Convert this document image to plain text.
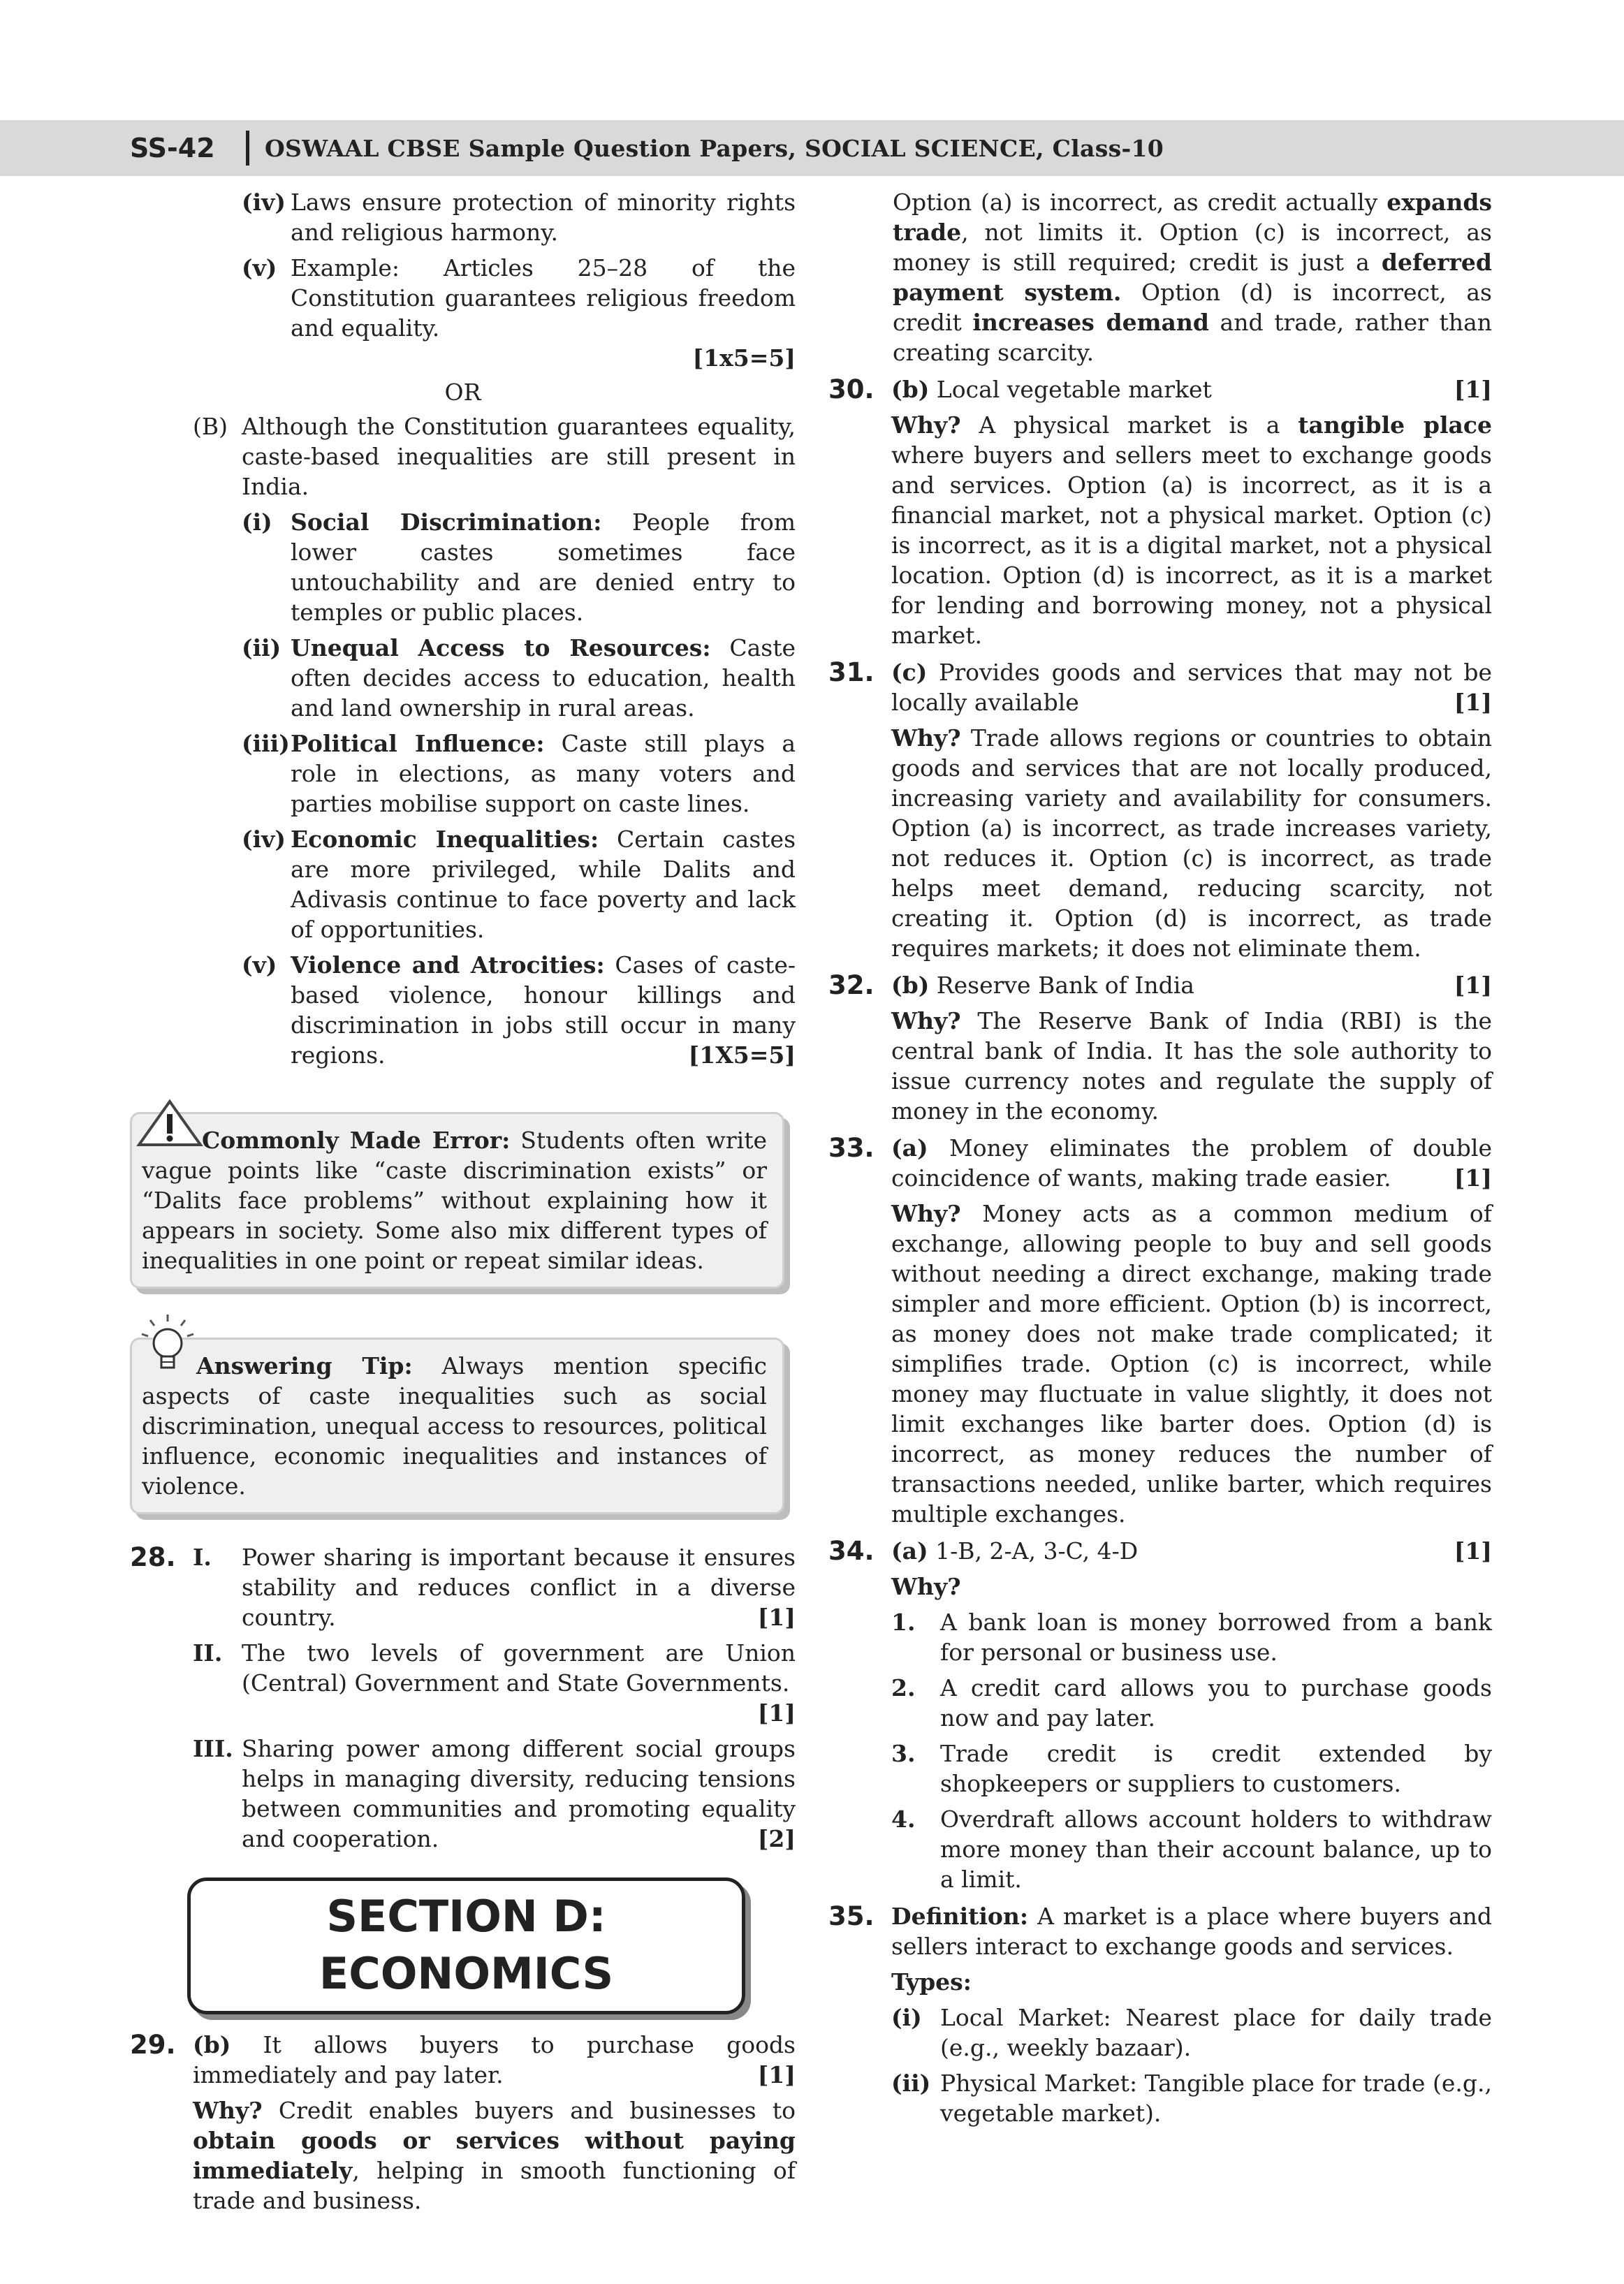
SS-42	OSWAAL CBSE Sample Question Papers, SOCIAL SCIENCE, Class-10
(iv) Laws ensure protection of minority rights and religious harmony.
(v) Example: Articles 25–28 of the Constitution guarantees religious freedom and equality.
[1x5=5]
OR
(B) Although the Constitution guarantees equality, caste-based inequalities are still present in India.
(i) Social Discrimination: People from lower castes sometimes face untouchability and are denied entry to temples or public places.
(ii) Unequal Access to Resources: Caste often decides access to education, health and land ownership in rural areas.
(iii) Political Influence: Caste still plays a role in elections, as many voters and parties mobilise support on caste lines.
(iv) Economic Inequalities: Certain castes are more privileged, while Dalits and Adivasis continue to face poverty and lack of opportunities.
(v) Violence and Atrocities: Cases of caste-based violence, honour killings and discrimination in jobs still occur in many regions.	[1X5=5]
Commonly Made Error: Students often write vague points like “caste discrimination exists” or “Dalits face problems” without explaining how it appears in society. Some also mix different types of inequalities in one point or repeat similar ideas.
Answering Tip: Always mention specific aspects of caste inequalities such as social discrimination, unequal access to resources, political influence, economic inequalities and instances of violence.
28. I.	Power sharing is important because it ensures stability and reduces conflict in a diverse country.	[1]
II. The two levels of government are Union (Central) Government and State Governments.
[1]
III. Sharing power among different social groups helps in managing diversity, reducing tensions between communities and promoting equality and cooperation.	[2]
SECTION D:
ECONOMICS
29. (b) It allows buyers to purchase goods immediately and pay later.	[1]
Why? Credit enables buyers and businesses to obtain goods or services without paying immediately, helping in smooth functioning of trade and business.
Option (a) is incorrect, as credit actually expands trade, not limits it. Option (c) is incorrect, as money is still required; credit is just a deferred payment system. Option (d) is incorrect, as credit increases demand and trade, rather than creating scarcity.
30. (b) Local vegetable market	[1]
Why? A physical market is a tangible place where buyers and sellers meet to exchange goods and services. Option (a) is incorrect, as it is a financial market, not a physical market. Option (c) is incorrect, as it is a digital market, not a physical location. Option (d) is incorrect, as it is a market for lending and borrowing money, not a physical market.
31. (c) Provides goods and services that may not be locally available	[1]
Why? Trade allows regions or countries to obtain goods and services that are not locally produced, increasing variety and availability for consumers. Option (a) is incorrect, as trade increases variety, not reduces it. Option (c) is incorrect, as trade helps meet demand, reducing scarcity, not creating it. Option (d) is incorrect, as trade requires markets; it does not eliminate them.
32. (b) Reserve Bank of India	[1]
Why? The Reserve Bank of India (RBI) is the central bank of India. It has the sole authority to issue currency notes and regulate the supply of money in the economy.
33. (a) Money eliminates the problem of double coincidence of wants, making trade easier.	[1]
Why? Money acts as a common medium of exchange, allowing people to buy and sell goods without needing a direct exchange, making trade simpler and more efficient. Option (b) is incorrect, as money does not make trade complicated; it simplifies trade. Option (c) is incorrect, while money may fluctuate in value slightly, it does not limit exchanges like barter does. Option (d) is incorrect, as money reduces the number of transactions needed, unlike barter, which requires multiple exchanges.
34. (a) 1-B, 2-A, 3-C, 4-D	[1]
Why?
1.	A bank loan is money borrowed from a bank for personal or business use.
2.	A credit card allows you to purchase goods now and pay later.
3.	Trade credit is credit extended by shopkeepers or suppliers to customers.
4.	Overdraft allows account holders to withdraw more money than their account balance, up to a limit.
35. Definition: A market is a place where buyers and sellers interact to exchange goods and services.
Types:
(i) Local Market: Nearest place for daily trade (e.g., weekly bazaar).
(ii) Physical Market: Tangible place for trade (e.g., vegetable market).
